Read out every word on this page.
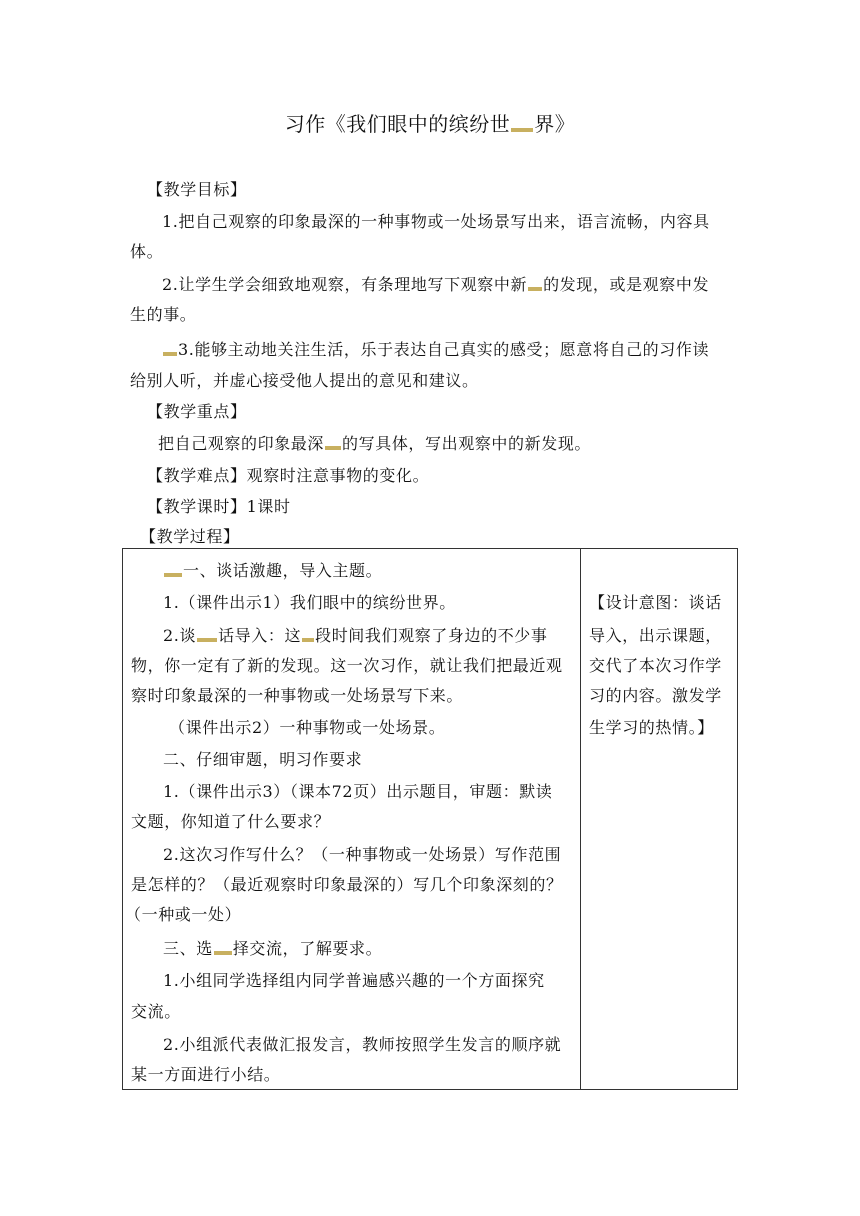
习作《我们眼中的缤纷世 界》
【教学目标】
1.把自己观察的印象最深的一种事物或一处场景写出来，语言流畅，内容具
体。
2.让学生学会细致地观察，有条理地写下观察中新 的发现，或是观察中发
生的事。
3.能够主动地关注生活，乐于表达自己真实的感受；愿意将自己的习作读
给别人听，并虚心接受他人提出的意见和建议。
【教学重点】
把自己观察的印象最深 的写具体，写出观察中的新发现。
【教学难点】观察时注意事物的变化。
【教学课时】1课时
【教学过程】
一、谈话激趣，导入主题。
1.（课件出示1）我们眼中的缤纷世界。
2.谈 话导入：这 段时间我们观察了身边的不少事
物，你一定有了新的发现。这一次习作，就让我们把最近观
察时印象最深的一种事物或一处场景写下来。
（课件出示2）一种事物或一处场景。
二、仔细审题，明习作要求
1.（课件出示3）（课本72页）出示题目，审题：默读
文题，你知道了什么要求？
2.这次习作写什么？（一种事物或一处场景）写作范围
是怎样的？（最近观察时印象最深的）写几个印象深刻的？
（一种或一处）
三、选 择交流，了解要求。
1.小组同学选择组内同学普遍感兴趣的一个方面探究
交流。
2.小组派代表做汇报发言，教师按照学生发言的顺序就
某一方面进行小结。

【设计意图：谈话
导入，出示课题，
交代了本次习作学
习的内容。激发学
生学习的热情。】
